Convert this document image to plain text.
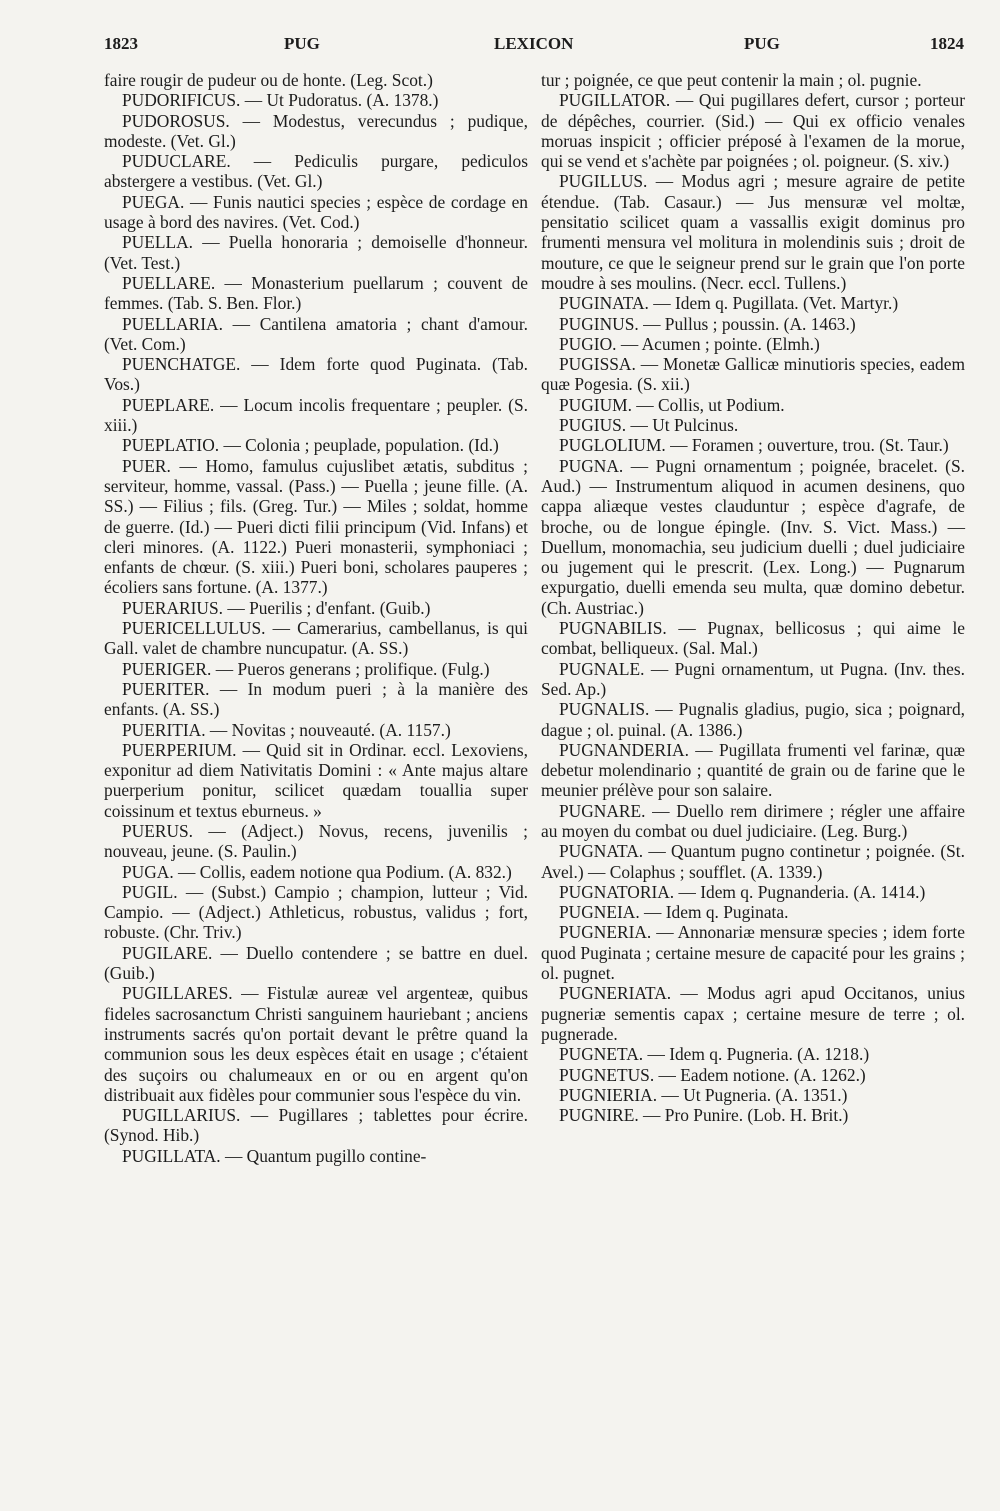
1823	PUG	LEXICON	PUG	1824

faire rougir de pudeur ou de honte. (Leg. Scot.)

PUDORIFICUS. — Ut Pudoratus. (A. 1378.)

PUDOROSUS. — Modestus, verecundus ; pudique, modeste. (Vet. Gl.)

PUDUCLARE. — Pediculis purgare, pediculos abstergere a vestibus. (Vet. Gl.)

PUEGA. — Funis nautici species ; espèce de cordage en usage à bord des navires. (Vet. Cod.)

PUELLA. — Puella honoraria ; demoiselle d'honneur. (Vet. Test.)

PUELLARE. — Monasterium puellarum ; couvent de femmes. (Tab. S. Ben. Flor.)

PUELLARIA. — Cantilena amatoria ; chant d'amour. (Vet. Com.)

PUENCHATGE. — Idem forte quod Puginata. (Tab. Vos.)

PUEPLARE. — Locum incolis frequentare ; peupler. (S. xiii.)

PUEPLATIO. — Colonia ; peuplade, population. (Id.)

PUER. — Homo, famulus cujuslibet ætatis, subditus ; serviteur, homme, vassal. (Pass.) — Puella ; jeune fille. (A. SS.) — Filius ; fils. (Greg. Tur.) — Miles ; soldat, homme de guerre. (Id.) — Pueri dicti filii principum (Vid. Infans) et cleri minores. (A. 1122.) Pueri monasterii, symphoniaci ; enfants de chœur. (S. xiii.) Pueri boni, scholares pauperes ; écoliers sans fortune. (A. 1377.)

PUERARIUS. — Puerilis ; d'enfant. (Guib.)

PUERICELLULUS. — Camerarius, cambellanus, is qui Gall. valet de chambre nuncupatur. (A. SS.)

PUERIGER. — Pueros generans ; prolifique. (Fulg.)

PUERITER. — In modum pueri ; à la manière des enfants. (A. SS.)

PUERITIA. — Novitas ; nouveauté. (A. 1157.)

PUERPERIUM. — Quid sit in Ordinar. eccl. Lexoviens, exponitur ad diem Nativitatis Domini : « Ante majus altare puerperium ponitur, scilicet quædam touallia super coissinum et textus eburneus. »

PUERUS. — (Adject.) Novus, recens, juvenilis ; nouveau, jeune. (S. Paulin.)

PUGA. — Collis, eadem notione qua Podium. (A. 832.)

PUGIL. — (Subst.) Campio ; champion, lutteur ; Vid. Campio. — (Adject.) Athleticus, robustus, validus ; fort, robuste. (Chr. Triv.)

PUGILARE. — Duello contendere ; se battre en duel. (Guib.)

PUGILLARES. — Fistulæ aureæ vel argenteæ, quibus fideles sacrosanctum Christi sanguinem hauriebant ; anciens instruments sacrés qu'on portait devant le prêtre quand la communion sous les deux espèces était en usage ; c'étaient des suçoirs ou chalumeaux en or ou en argent qu'on distribuait aux fidèles pour communier sous l'espèce du vin.

PUGILLARIUS. — Pugillares ; tablettes pour écrire. (Synod. Hib.)

PUGILLATA. — Quantum pugillo contine-

tur ; poignée, ce que peut contenir la main ; ol. pugnie.

PUGILLATOR. — Qui pugillares defert, cursor ; porteur de dépêches, courrier. (Sid.) — Qui ex officio venales moruas inspicit ; officier préposé à l'examen de la morue, qui se vend et s'achète par poignées ; ol. poigneur. (S. xiv.)

PUGILLUS. — Modus agri ; mesure agraire de petite étendue. (Tab. Casaur.) — Jus mensuræ vel moltæ, pensitatio scilicet quam a vassallis exigit dominus pro frumenti mensura vel molitura in molendinis suis ; droit de mouture, ce que le seigneur prend sur le grain que l'on porte moudre à ses moulins. (Necr. eccl. Tullens.)

PUGINATA. — Idem q. Pugillata. (Vet. Martyr.)

PUGINUS. — Pullus ; poussin. (A. 1463.)

PUGIO. — Acumen ; pointe. (Elmh.)

PUGISSA. — Monetæ Gallicæ minutioris species, eadem quæ Pogesia. (S. xii.)

PUGIUM. — Collis, ut Podium.

PUGIUS. — Ut Pulcinus.

PUGLOLIUM. — Foramen ; ouverture, trou. (St. Taur.)

PUGNA. — Pugni ornamentum ; poignée, bracelet. (S. Aud.) — Instrumentum aliquod in acumen desinens, quo cappa aliæque vestes clauduntur ; espèce d'agrafe, de broche, ou de longue épingle. (Inv. S. Vict. Mass.) — Duellum, monomachia, seu judicium duelli ; duel judiciaire ou jugement qui le prescrit. (Lex. Long.) — Pugnarum expurgatio, duelli emenda seu multa, quæ domino debetur. (Ch. Austriac.)

PUGNABILIS. — Pugnax, bellicosus ; qui aime le combat, belliqueux. (Sal. Mal.)

PUGNALE. — Pugni ornamentum, ut Pugna. (Inv. thes. Sed. Ap.)

PUGNALIS. — Pugnalis gladius, pugio, sica ; poignard, dague ; ol. puinal. (A. 1386.)

PUGNANDERIA. — Pugillata frumenti vel farinæ, quæ debetur molendinario ; quantité de grain ou de farine que le meunier prélève pour son salaire.

PUGNARE. — Duello rem dirimere ; régler une affaire au moyen du combat ou duel judiciaire. (Leg. Burg.)

PUGNATA. — Quantum pugno continetur ; poignée. (St. Avel.) — Colaphus ; soufflet. (A. 1339.)

PUGNATORIA. — Idem q. Pugnanderia. (A. 1414.)

PUGNEIA. — Idem q. Puginata.

PUGNERIA. — Annonariæ mensuræ species ; idem forte quod Puginata ; certaine mesure de capacité pour les grains ; ol. pugnet.

PUGNERIATA. — Modus agri apud Occitanos, unius pugneriæ sementis capax ; certaine mesure de terre ; ol. pugnerade.

PUGNETA. — Idem q. Pugneria. (A. 1218.)

PUGNETUS. — Eadem notione. (A. 1262.)

PUGNIERIA. — Ut Pugneria. (A. 1351.)

PUGNIRE. — Pro Punire. (Lob. H. Brit.)
